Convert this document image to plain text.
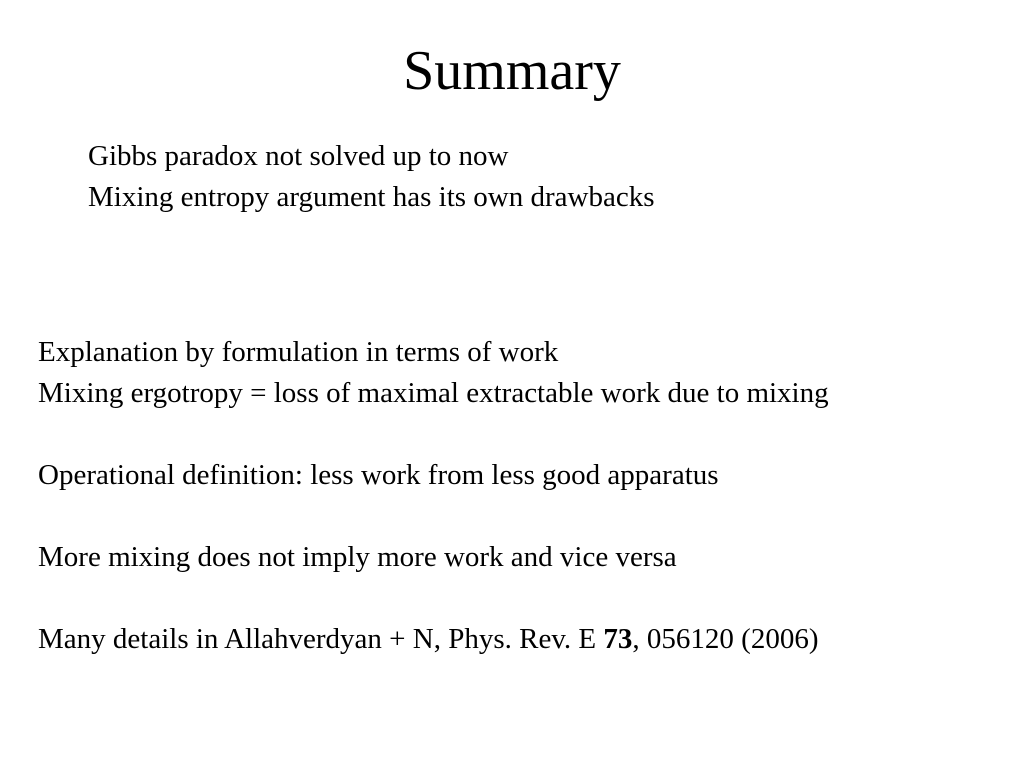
Summary
Gibbs paradox not solved up to now
Mixing entropy argument has its own drawbacks
Explanation by formulation in terms of work
Mixing ergotropy = loss of maximal extractable work due to mixing
Operational definition: less work from less good apparatus
More mixing does not imply more work and vice versa
Many details in Allahverdyan + N, Phys. Rev. E 73, 056120 (2006)
